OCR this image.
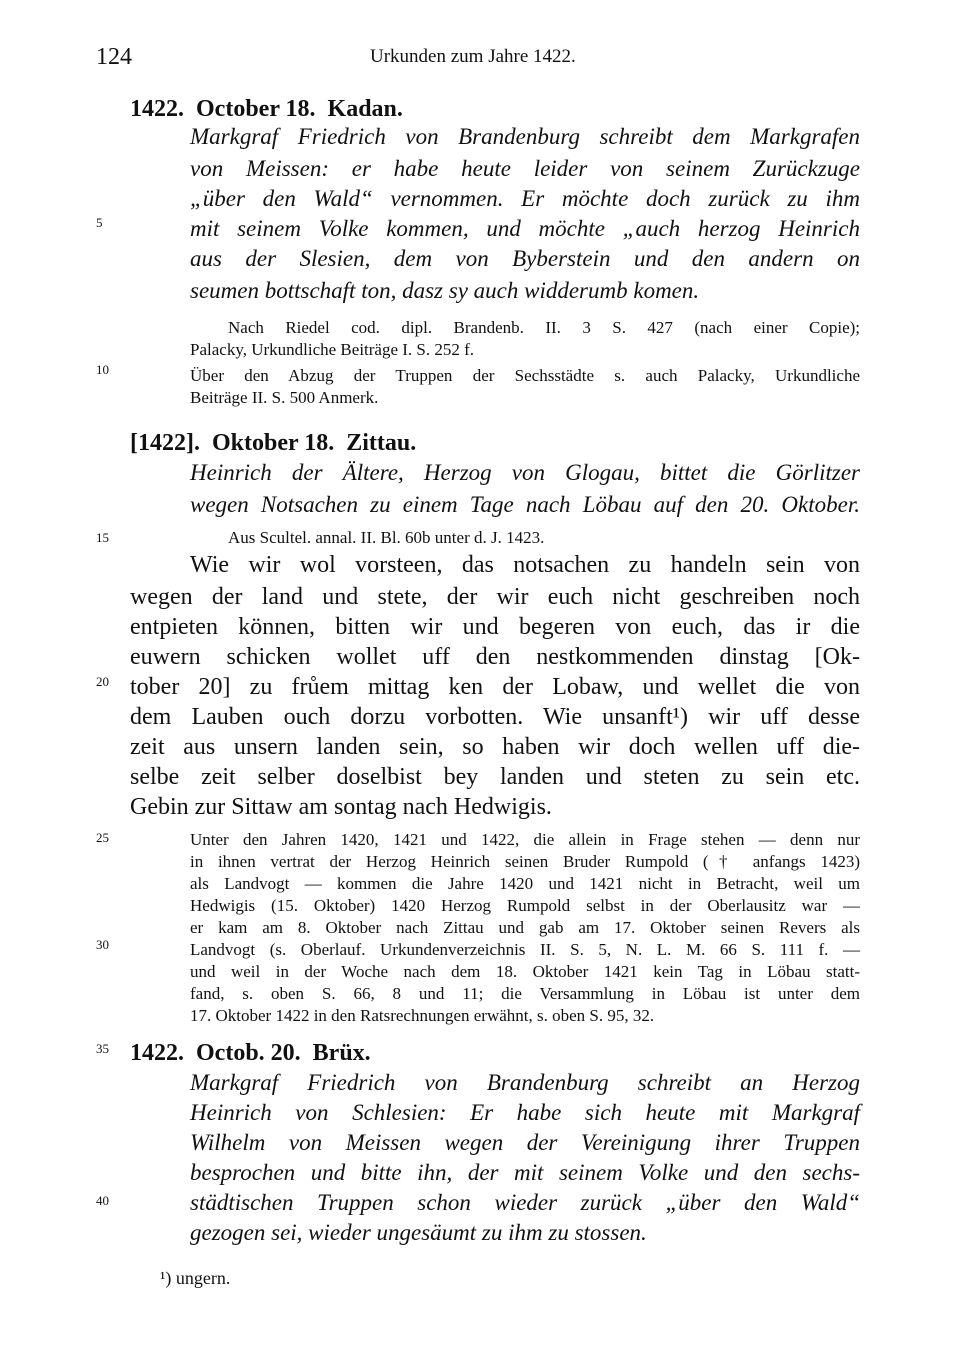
124	Urkunden zum Jahre 1422.
5
10
15
20
25
30
35
40
1422.  October 18.  Kadan.
Markgraf Friedrich von Brandenburg schreibt dem Markgrafen
von Meissen: er habe heute leider von seinem Zurückzuge
„über den Wald“ vernommen. Er möchte doch zurück zu ihm
mit seinem Volke kommen, und möchte „auch herzog Heinrich
aus der Slesien, dem von Byberstein und den andern on
seumen bottschaft ton, dasz sy auch widderumb komen.
Nach Riedel cod. dipl. Brandenb. II. 3 S. 427 (nach einer Copie);
Palacky, Urkundliche Beiträge I. S. 252 f.
Über den Abzug der Truppen der Sechsstädte s. auch Palacky, Urkundliche
Beiträge II. S. 500 Anmerk.
[1422].  Oktober 18.  Zittau.
Heinrich der Ältere, Herzog von Glogau, bittet die Görlitzer
wegen Notsachen zu einem Tage nach Löbau auf den 20. Oktober.
Aus Scultel. annal. II. Bl. 60b unter d. J. 1423.
Wie wir wol vorsteen, das notsachen zu handeln sein von
wegen der land und stete, der wir euch nicht geschreiben noch
entpieten können, bitten wir und begeren von euch, das ir die
euwern schicken wollet uff den nestkommenden dinstag [Ok-
tober 20] zu frůem mittag ken der Lobaw, und wellet die von
dem Lauben ouch dorzu vorbotten. Wie unsanft¹) wir uff desse
zeit aus unsern landen sein, so haben wir doch wellen uff die-
selbe zeit selber doselbist bey landen und steten zu sein etc.
Gebin zur Sittaw am sontag nach Hedwigis.
Unter den Jahren 1420, 1421 und 1422, die allein in Frage stehen — denn nur
in ihnen vertrat der Herzog Heinrich seinen Bruder Rumpold († anfangs 1423)
als Landvogt — kommen die Jahre 1420 und 1421 nicht in Betracht, weil um
Hedwigis (15. Oktober) 1420 Herzog Rumpold selbst in der Oberlausitz war —
er kam am 8. Oktober nach Zittau und gab am 17. Oktober seinen Revers als
Landvogt (s. Oberlauf. Urkundenverzeichnis II. S. 5, N. L. M. 66 S. 111 f. —
und weil in der Woche nach dem 18. Oktober 1421 kein Tag in Löbau statt-
fand, s. oben S. 66, 8 und 11; die Versammlung in Löbau ist unter dem
17. Oktober 1422 in den Ratsrechnungen erwähnt, s. oben S. 95, 32.
1422.  Octob. 20.  Brüx.
Markgraf Friedrich von Brandenburg schreibt an Herzog
Heinrich von Schlesien: Er habe sich heute mit Markgraf
Wilhelm von Meissen wegen der Vereinigung ihrer Truppen
besprochen und bitte ihn, der mit seinem Volke und den sechs-
städtischen Truppen schon wieder zurück „über den Wald“
gezogen sei, wieder ungesäumt zu ihm zu stossen.
¹) ungern.
